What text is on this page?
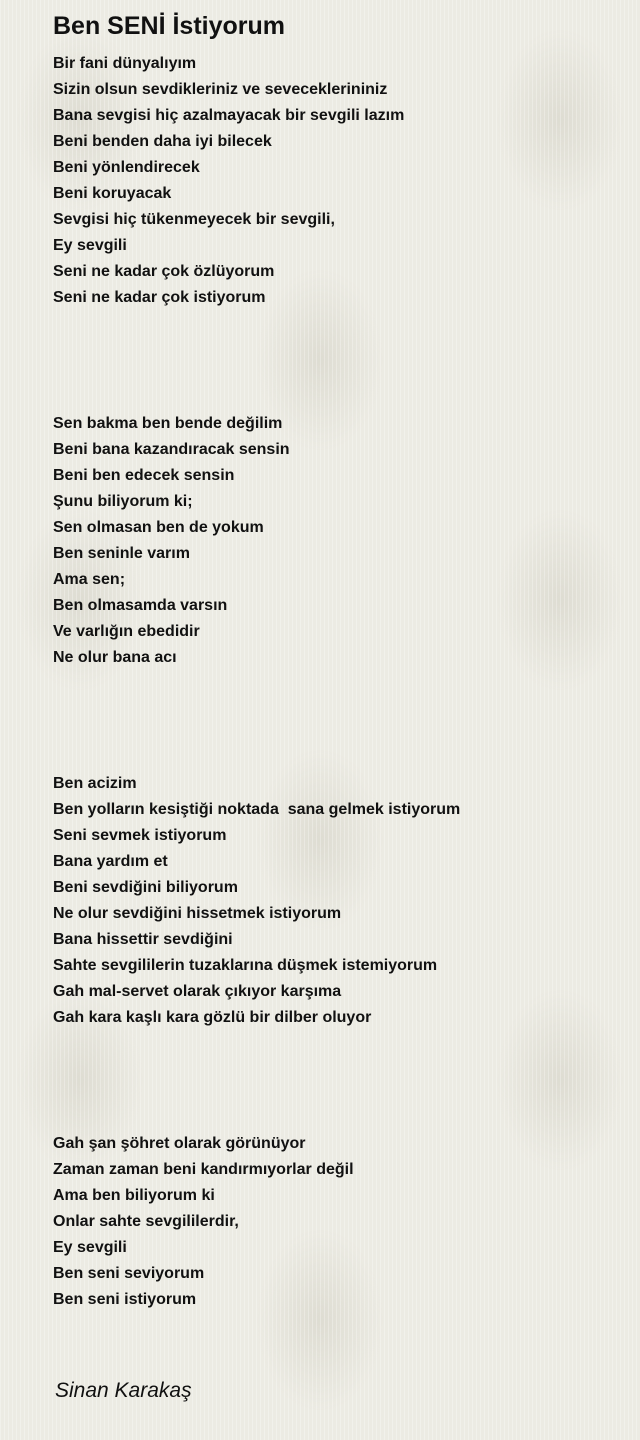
Ben SENİ İstiyorum
Bir fani dünyalıyım
Sizin olsun sevdikleriniz ve seveceklerininiz
Bana sevgisi hiç azalmayacak bir sevgili lazım
Beni benden daha iyi bilecek
Beni yönlendirecek
Beni koruyacak
Sevgisi hiç tükenmeyecek bir sevgili,
Ey sevgili
Seni ne kadar çok özlüyorum
Seni ne kadar çok istiyorum
Sen bakma ben bende değilim
Beni bana kazandıracak sensin
Beni ben edecek sensin
Şunu biliyorum ki;
Sen olmasan ben de yokum
Ben seninle varım
Ama sen;
Ben olmasamda varsın
Ve varlığın ebedidir
Ne olur bana acı
Ben acizim
Ben yolların kesiştiği noktada  sana gelmek istiyorum
Seni sevmek istiyorum
Bana yardım et
Beni sevdiğini biliyorum
Ne olur sevdiğini hissetmek istiyorum
Bana hissettir sevdiğini
Sahte sevgililerin tuzaklarına düşmek istemiyorum
Gah mal-servet olarak çıkıyor karşıma
Gah kara kaşlı kara gözlü bir dilber oluyor
Gah şan şöhret olarak görünüyor
Zaman zaman beni kandırmıyorlar değil
Ama ben biliyorum ki
Onlar sahte sevgililerdir,
Ey sevgili
Ben seni seviyorum
Ben seni istiyorum
Sinan Karakaş
